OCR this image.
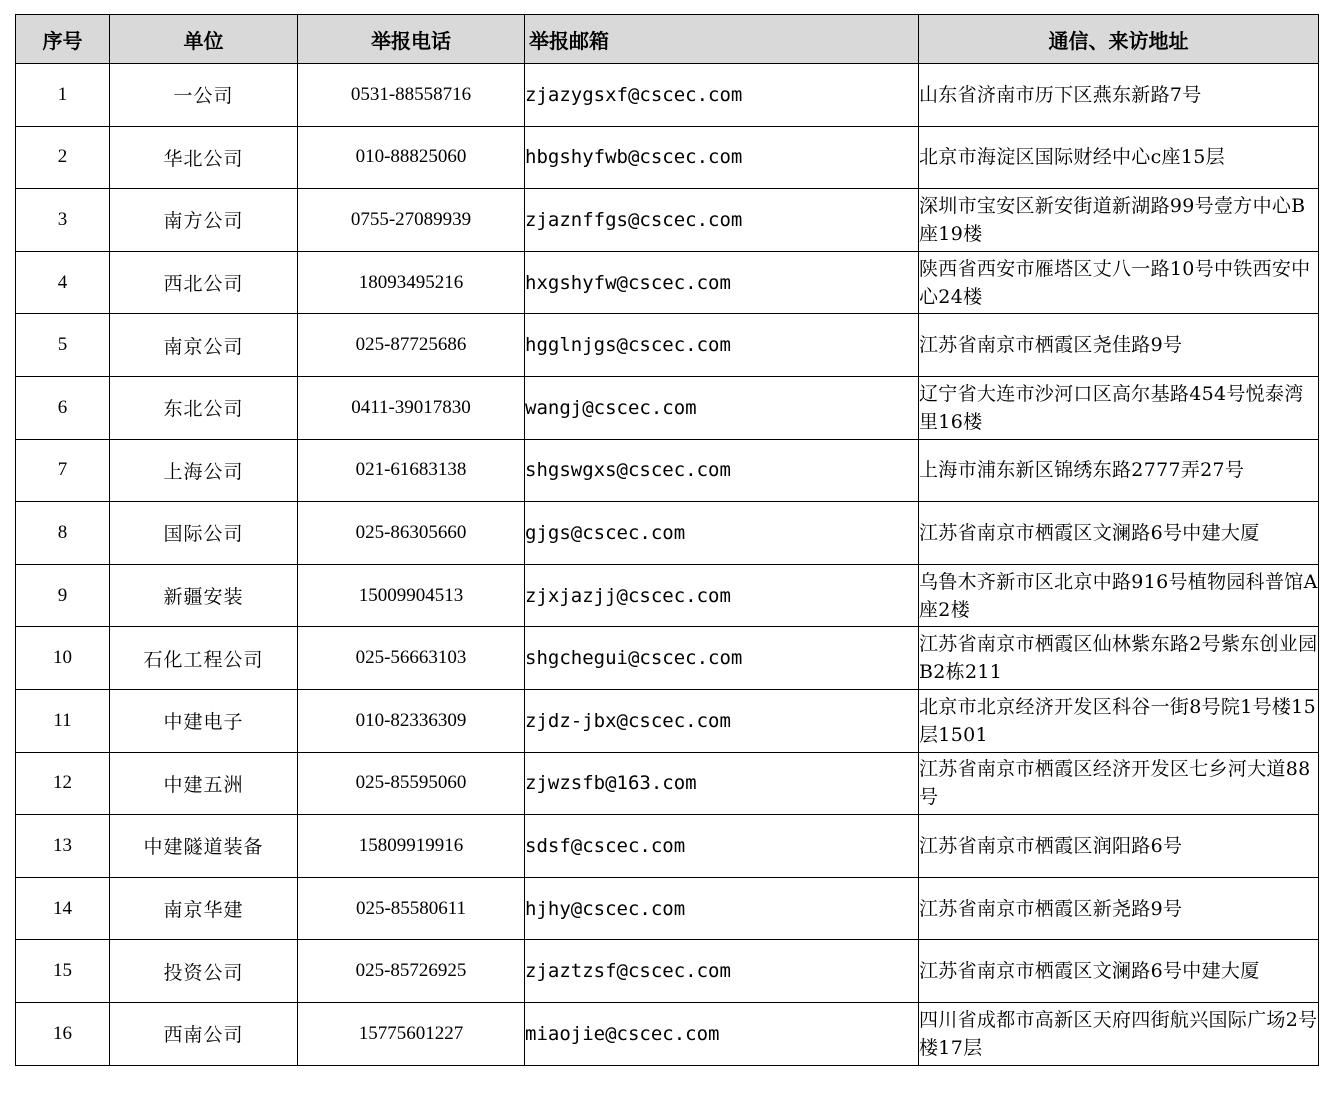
序号	单位	举报电话	举报邮箱	通信、来访地址
1	一公司	0531-88558716	zjazygsxf@cscec.com	山东省济南市历下区燕东新路7号
2	华北公司	010-88825060	hbgshyfwb@cscec.com	北京市海淀区国际财经中心c座15层
3	南方公司	0755-27089939	zjaznffgs@cscec.com	深圳市宝安区新安街道新湖路99号壹方中心B座19楼
4	西北公司	18093495216	hxgshyfw@cscec.com	陕西省西安市雁塔区丈八一路10号中铁西安中心24楼
5	南京公司	025-87725686	hgglnjgs@cscec.com	江苏省南京市栖霞区尧佳路9号
6	东北公司	0411-39017830	wangj@cscec.com	辽宁省大连市沙河口区高尔基路454号悦泰湾里16楼
7	上海公司	021-61683138	shgswgxs@cscec.com	上海市浦东新区锦绣东路2777弄27号
8	国际公司	025-86305660	gjgs@cscec.com	江苏省南京市栖霞区文澜路6号中建大厦
9	新疆安装	15009904513	zjxjazjj@cscec.com	乌鲁木齐新市区北京中路916号植物园科普馆A座2楼
10	石化工程公司	025-56663103	shgchegui@cscec.com	江苏省南京市栖霞区仙林紫东路2号紫东创业园B2栋211
11	中建电子	010-82336309	zjdz-jbx@cscec.com	北京市北京经济开发区科谷一街8号院1号楼15层1501
12	中建五洲	025-85595060	zjwzsfb@163.com	江苏省南京市栖霞区经济开发区七乡河大道88号
13	中建隧道装备	15809919916	sdsf@cscec.com	江苏省南京市栖霞区润阳路6号
14	南京华建	025-85580611	hjhy@cscec.com	江苏省南京市栖霞区新尧路9号
15	投资公司	025-85726925	zjaztzsf@cscec.com	江苏省南京市栖霞区文澜路6号中建大厦
16	西南公司	15775601227	miaojie@cscec.com	四川省成都市高新区天府四街航兴国际广场2号楼17层
